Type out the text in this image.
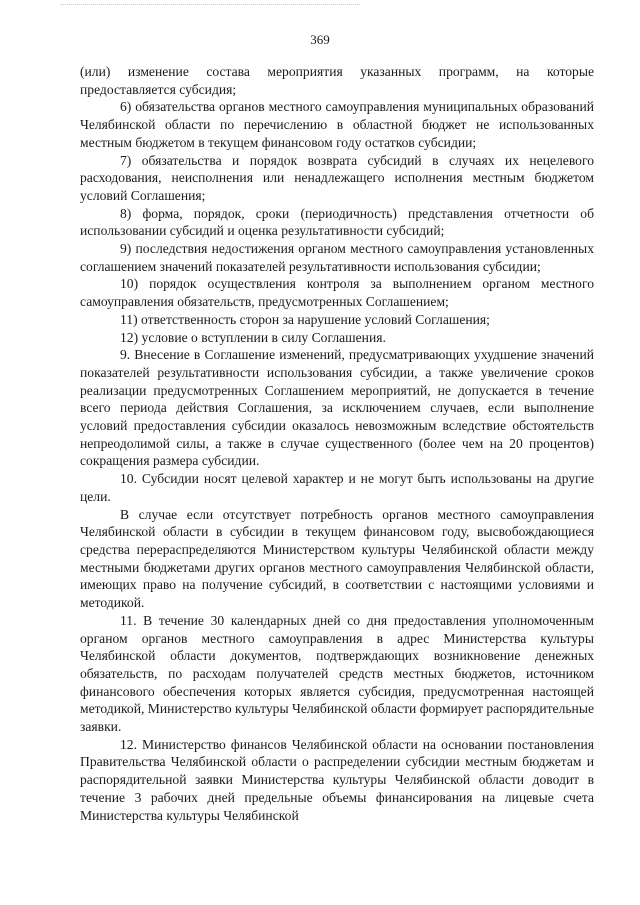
369

(или) изменение состава мероприятия указанных программ, на которые предоставляется субсидия;

6) обязательства органов местного самоуправления муниципальных образований Челябинской области по перечислению в областной бюджет не использованных местным бюджетом в текущем финансовом году остатков субсидии;

7) обязательства и порядок возврата субсидий в случаях их нецелевого расходования, неисполнения или ненадлежащего исполнения местным бюджетом условий Соглашения;

8) форма, порядок, сроки (периодичность) представления отчетности об использовании субсидий и оценка результативности субсидий;

9) последствия недостижения органом местного самоуправления установленных соглашением значений показателей результативности использования субсидии;

10) порядок осуществления контроля за выполнением органом местного самоуправления обязательств, предусмотренных Соглашением;

11) ответственность сторон за нарушение условий Соглашения;

12) условие о вступлении в силу Соглашения.

9. Внесение в Соглашение изменений, предусматривающих ухудшение значений показателей результативности использования субсидии, а также увеличение сроков реализации предусмотренных Соглашением мероприятий, не допускается в течение всего периода действия Соглашения, за исключением случаев, если выполнение условий предоставления субсидии оказалось невозможным вследствие обстоятельств непреодолимой силы, а также в случае существенного (более чем на 20 процентов) сокращения размера субсидии.

10. Субсидии носят целевой характер и не могут быть использованы на другие цели.

В случае если отсутствует потребность органов местного самоуправления Челябинской области в субсидии в текущем финансовом году, высвобождающиеся средства перераспределяются Министерством культуры Челябинской области между местными бюджетами других органов местного самоуправления Челябинской области, имеющих право на получение субсидий, в соответствии с настоящими условиями и методикой.

11. В течение 30 календарных дней со дня предоставления уполномоченным органом органов местного самоуправления в адрес Министерства культуры Челябинской области документов, подтверждающих возникновение денежных обязательств, по расходам получателей средств местных бюджетов, источником финансового обеспечения которых является субсидия, предусмотренная настоящей методикой, Министерство культуры Челябинской области формирует распорядительные заявки.

12. Министерство финансов Челябинской области на основании постановления Правительства Челябинской области о распределении субсидии местным бюджетам и распорядительной заявки Министерства культуры Челябинской области доводит в течение 3 рабочих дней предельные объемы финансирования на лицевые счета Министерства культуры Челябинской
